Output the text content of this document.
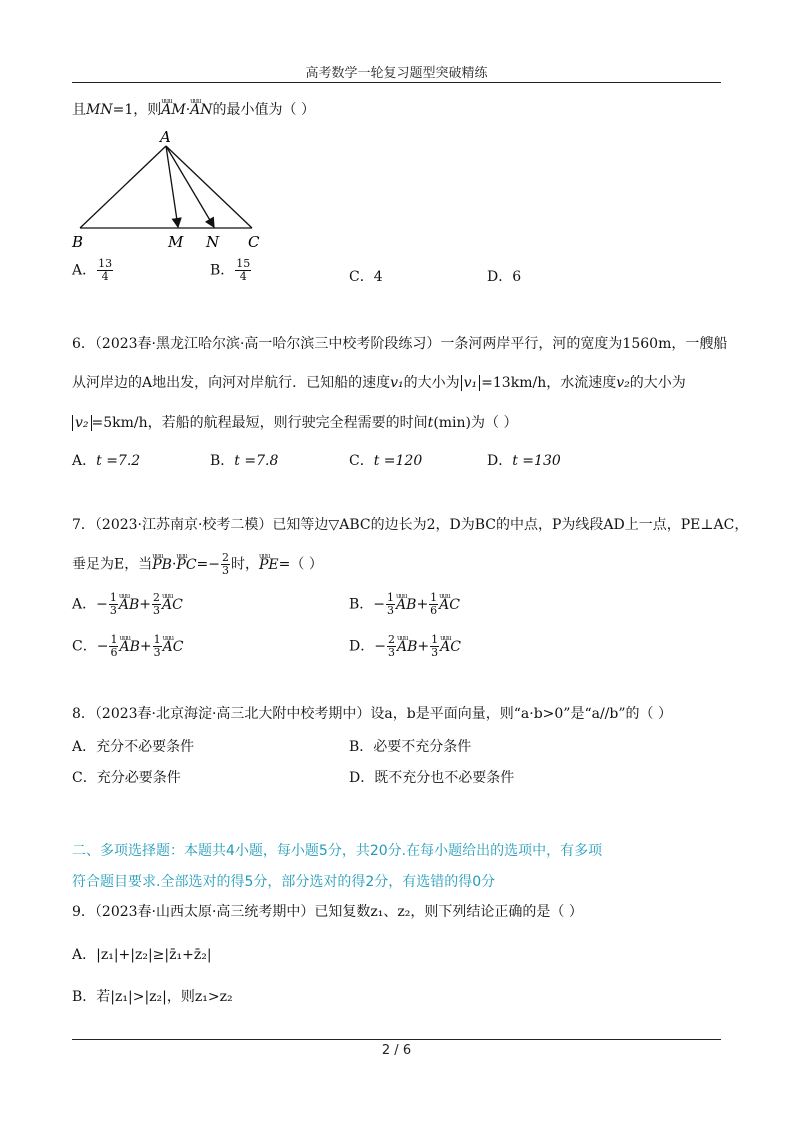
高考数学一轮复习题型突破精练
且MN=1，则uuu AM·uuu AN的最小值为（ ）
A
B	M N C
A． $\frac{13}{4}$	B． $\frac{15}{4}$	C．4	D．6
6．（2023春·黑龙江哈尔滨·高一哈尔滨三中校考阶段练习）一条河两岸平行，河的宽度为1560m，一艘船
从河岸边的A地出发，向河对岸航行．已知船的速度v₁的大小为 v₁ =13km/h，水流速度v₂的大小为
v₂ =5km/h，若船的航程最短，则行驶完全程需要的时间t(min)为（ ）
A．t =7.2	B．t =7.8	C．t =120	D．t =130
7．（2023·江苏南京·校考二模）已知等边▽ABC的边长为2，D为BC的中点，P为线段AD上一点，PE⊥AC，
垂足为E，当uuu PB·uuu $PC=- \frac{2}{3}$ 时，uuu PE=（ ）
A．− $\frac{1}{3}$ uuu $AB+ \frac{2}{3}$ uuu AC	B．− $\frac{1}{3}$ uuu $AB+ \frac{1}{6}$ uuu AC
C．− $\frac{1}{6}$ uuu $AB+ \frac{1}{3}$ uuu AC	D．− $\frac{2}{3}$ uuu $AB+ \frac{1}{3}$ uuu AC
8．（2023春·北京海淀·高三北大附中校考期中）设a，b是平面向量，则“a·b>0”是“a//b”的（ ）
A．充分不必要条件	B．必要不充分条件
C．充分必要条件	D．既不充分也不必要条件
二、多项选择题：本题共4小题，每小题5分，共20分.在每小题给出的选项中，有多项
符合题目要求.全部选对的得5分，部分选对的得2分，有选错的得0分
9．（2023春·山西太原·高三统考期中）已知复数z₁、z₂，则下列结论正确的是（ ）
A．|z₁|+|z₂|≥|z̄₁+z̄₂|
B．若|z₁|>|z₂|，则z₁>z₂
2 / 6
